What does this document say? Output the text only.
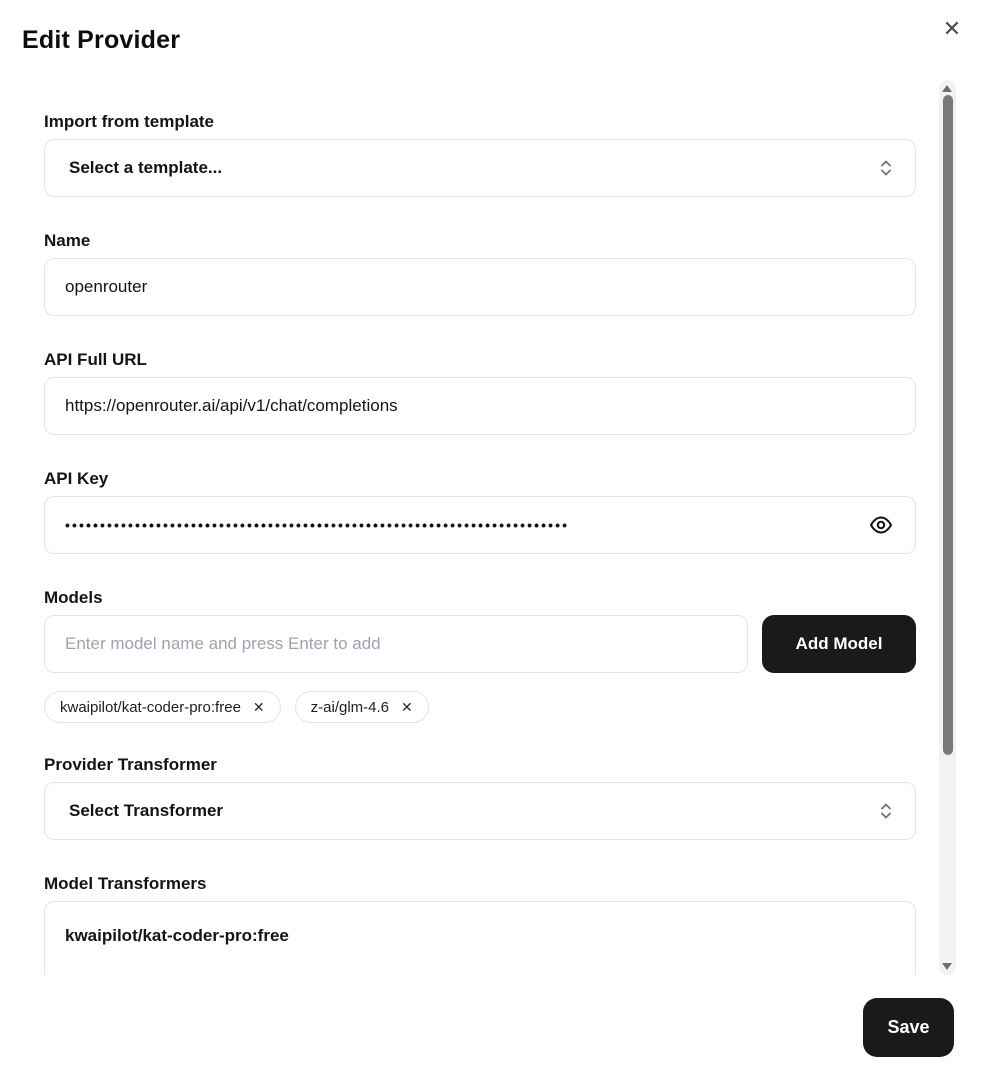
Edit Provider	✕
Import from template
Select a template...
Name
openrouter
API Full URL
https://openrouter.ai/api/v1/chat/completions
API Key
••••••••••••••••••••••••••••••••••••••••••••••••••••••••••••••••••••••••
Models
Enter model name and press Enter to add
Add Model
kwaipilot/kat-coder-pro:free ✕	z-ai/glm-4.6 ✕
Provider Transformer
Select Transformer
Model Transformers
kwaipilot/kat-coder-pro:free
Save
